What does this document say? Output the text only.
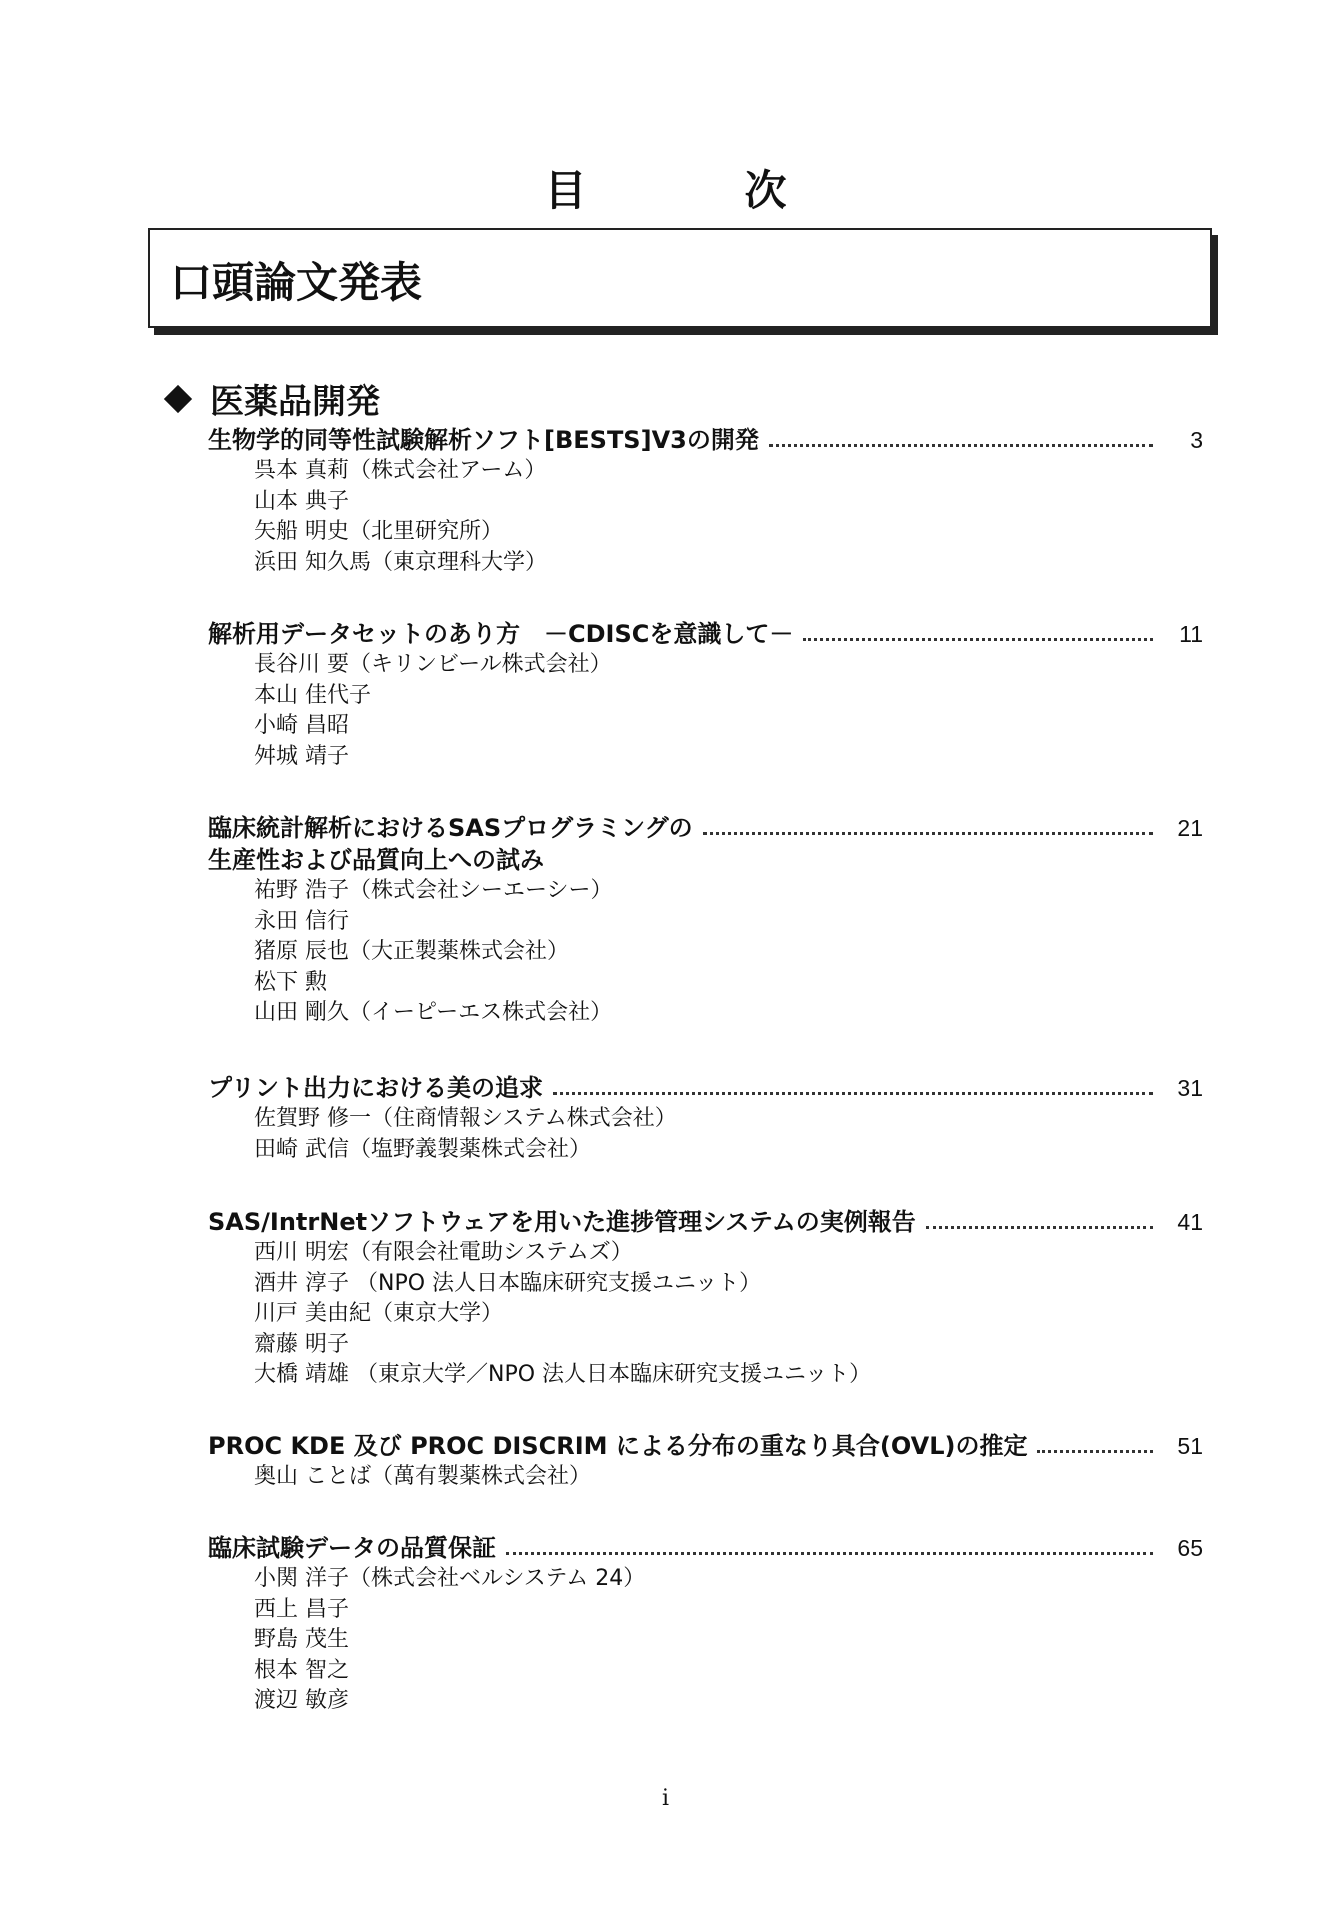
目　次
口頭論文発表
医薬品開発
生物学的同等性試験解析ソフト[BESTS]V3の開発	3
呉本 真莉（株式会社アーム）
山本 典子
矢船 明史（北里研究所）
浜田 知久馬（東京理科大学）
解析用データセットのあり方　－CDISCを意識して－	11
長谷川 要（キリンビール株式会社）
本山 佳代子
小崎 昌昭
舛城 靖子
臨床統計解析におけるSASプログラミングの	21
生産性および品質向上への試み
祐野 浩子（株式会社シーエーシー）
永田 信行
猪原 辰也（大正製薬株式会社）
松下 勲
山田 剛久（イーピーエス株式会社）
プリント出力における美の追求	31
佐賀野 修一（住商情報システム株式会社）
田崎 武信（塩野義製薬株式会社）
SAS/IntrNetソフトウェアを用いた進捗管理システムの実例報告	41
西川 明宏（有限会社電助システムズ）
酒井 淳子 （NPO 法人日本臨床研究支援ユニット）
川戸 美由紀（東京大学）
齋藤 明子
大橋 靖雄 （東京大学／NPO 法人日本臨床研究支援ユニット）
PROC KDE 及び PROC DISCRIM による分布の重なり具合(OVL)の推定	51
奥山 ことば（萬有製薬株式会社）
臨床試験データの品質保証	65
小関 洋子（株式会社ベルシステム 24）
西上 昌子
野島 茂生
根本 智之
渡辺 敏彦
i
